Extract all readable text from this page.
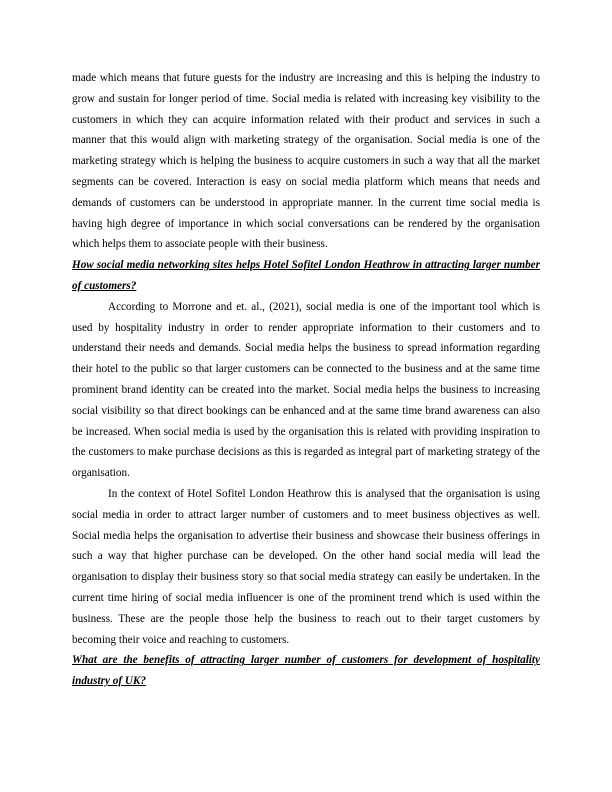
made which means that future guests for the industry are increasing and this is helping the industry to grow and sustain for longer period of time. Social media is related with increasing key visibility to the customers in which they can acquire information related with their product and services in such a manner that this would align with marketing strategy of the organisation. Social media is one of the marketing strategy which is helping the business to acquire customers in such a way that all the market segments can be covered. Interaction is easy on social media platform which means that needs and demands of customers can be understood in appropriate manner. In the current time social media is having high degree of importance in which social conversations can be rendered by the organisation which helps them to associate people with their business.

How social media networking sites helps Hotel Sofitel London Heathrow in attracting larger number of customers?

According to Morrone and et. al., (2021), social media is one of the important tool which is used by hospitality industry in order to render appropriate information to their customers and to understand their needs and demands. Social media helps the business to spread information regarding their hotel to the public so that larger customers can be connected to the business and at the same time prominent brand identity can be created into the market. Social media helps the business to increasing social visibility so that direct bookings can be enhanced and at the same time brand awareness can also be increased. When social media is used by the organisation this is related with providing inspiration to the customers to make purchase decisions as this is regarded as integral part of marketing strategy of the organisation.

In the context of Hotel Sofitel London Heathrow this is analysed that the organisation is using social media in order to attract larger number of customers and to meet business objectives as well. Social media helps the organisation to advertise their business and showcase their business offerings in such a way that higher purchase can be developed. On the other hand social media will lead the organisation to display their business story so that social media strategy can easily be undertaken. In the current time hiring of social media influencer is one of the prominent trend which is used within the business. These are the people those help the business to reach out to their target customers by becoming their voice and reaching to customers.

What are the benefits of attracting larger number of customers for development of hospitality industry of UK?
